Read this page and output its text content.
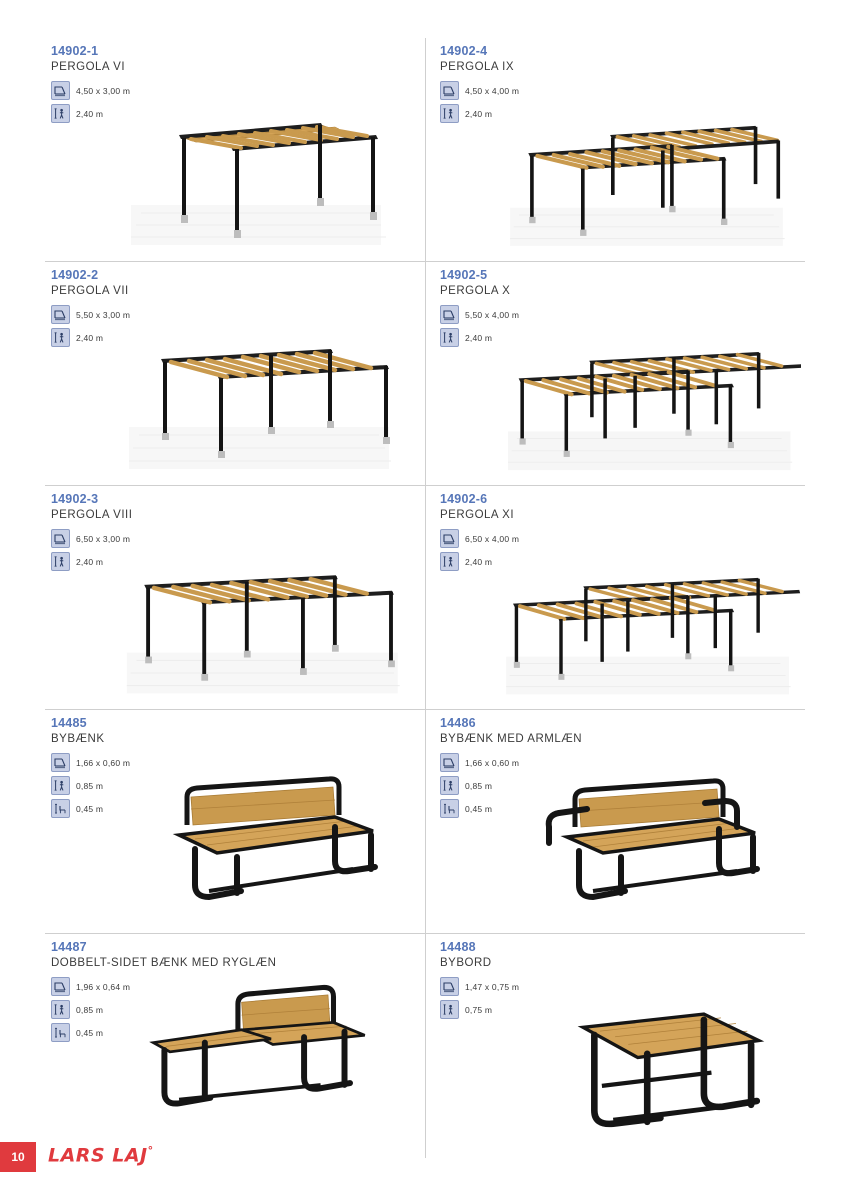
14902-1
PERGOLA VI
4,50 x 3,00 m
2,40 m
14902-4
PERGOLA IX
4,50 x 4,00 m
2,40 m
14902-2
PERGOLA VII
5,50 x 3,00 m
2,40 m
14902-5
PERGOLA X
5,50 x 4,00 m
2,40 m
14902-3
PERGOLA VIII
6,50 x 3,00 m
2,40 m
14902-6
PERGOLA XI
6,50 x 4,00 m
2,40 m
14485
BYBÆNK
1,66 x 0,60 m
0,85 m
0,45 m
14486
BYBÆNK MED ARMLÆN
1,66 x 0,60 m
0,85 m
0,45 m
14487
DOBBELT-SIDET BÆNK MED RYGLÆN
1,96 x 0,64 m
0,85 m
0,45 m
14488
BYBORD
1,47 x 0,75 m
0,75 m
10	LARS LAJ°
